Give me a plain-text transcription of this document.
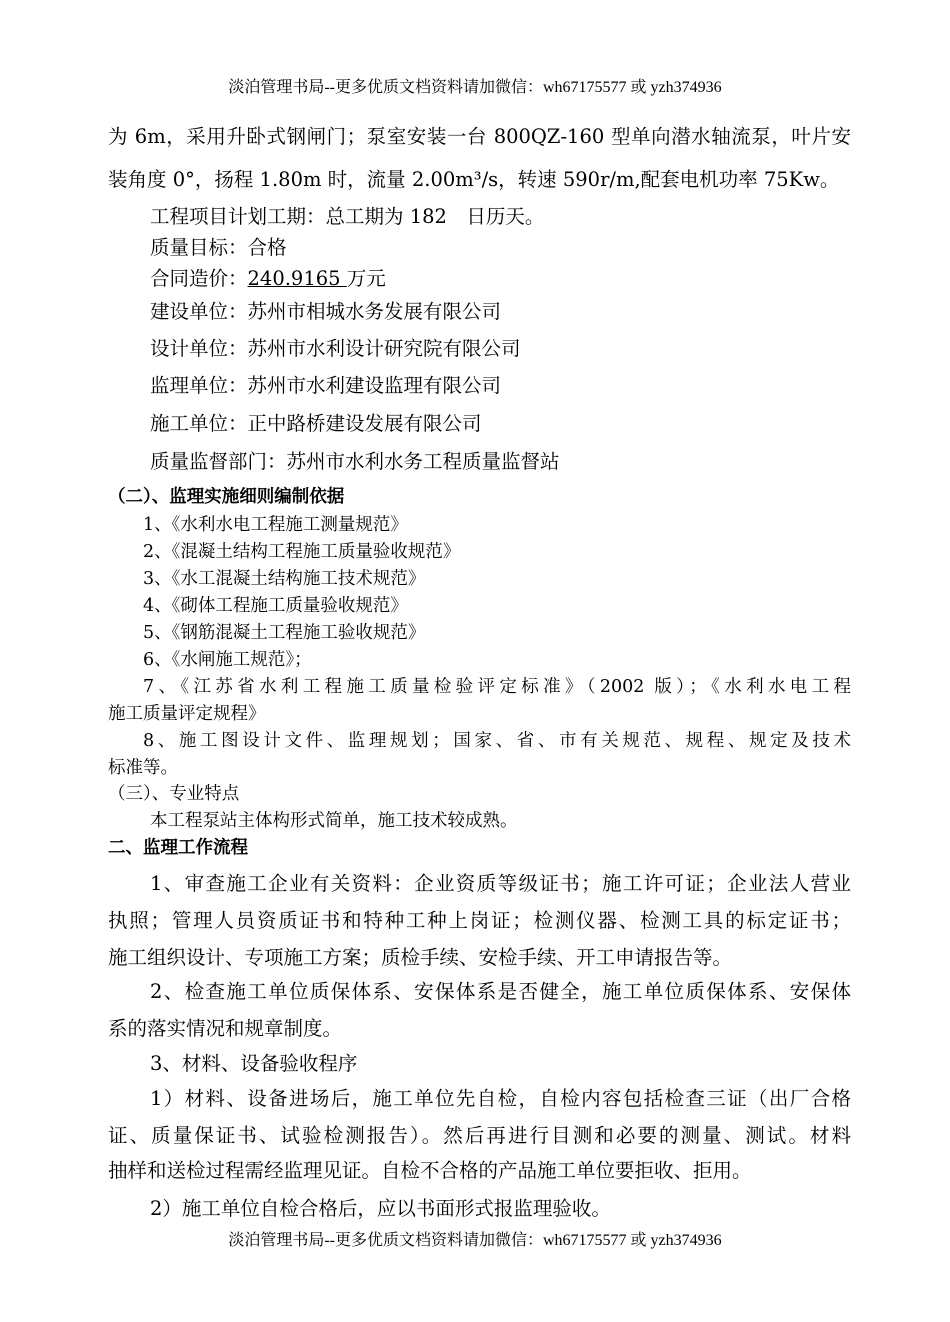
淡泊管理书局--更多优质文档资料请加微信：wh67175577 或 yzh374936
为 6m，采用升卧式钢闸门；泵室安装一台 800QZ-160 型单向潜水轴流泵，叶片安
装角度 0°，扬程 1.80m 时，流量 2.00m³/s，转速 590r/m,配套电机功率 75Kw。
工程项目计划工期：总工期为 182　日历天。
质量目标：合格
合同造价：240.9165 万元
建设单位：苏州市相城水务发展有限公司
设计单位：苏州市水利设计研究院有限公司
监理单位：苏州市水利建设监理有限公司
施工单位：正中路桥建设发展有限公司
质量监督部门：苏州市水利水务工程质量监督站
（二）、监理实施细则编制依据
1、《水利水电工程施工测量规范》
2、《混凝土结构工程施工质量验收规范》
3、《水工混凝土结构施工技术规范》
4、《砌体工程施工质量验收规范》
5、《钢筋混凝土工程施工验收规范》
6、《水闸施工规范》；
7、《江苏省水利工程施工质量检验评定标准》（2002 版）；《水利水电工程
施工质量评定规程》
8、施工图设计文件、监理规划；国家、省、市有关规范、规程、规定及技术
标准等。
（三）、专业特点
本工程泵站主体构形式简单，施工技术较成熟。
二、监理工作流程
1、审查施工企业有关资料：企业资质等级证书；施工许可证；企业法人营业
执照；管理人员资质证书和特种工种上岗证；检测仪器、检测工具的标定证书；
施工组织设计、专项施工方案；质检手续、安检手续、开工申请报告等。
2、检查施工单位质保体系、安保体系是否健全，施工单位质保体系、安保体
系的落实情况和规章制度。
3、材料、设备验收程序
1）材料、设备进场后，施工单位先自检，自检内容包括检查三证（出厂合格
证、质量保证书、试验检测报告）。然后再进行目测和必要的测量、测试。材料
抽样和送检过程需经监理见证。自检不合格的产品施工单位要拒收、拒用。
2）施工单位自检合格后，应以书面形式报监理验收。
淡泊管理书局--更多优质文档资料请加微信：wh67175577 或 yzh374936
